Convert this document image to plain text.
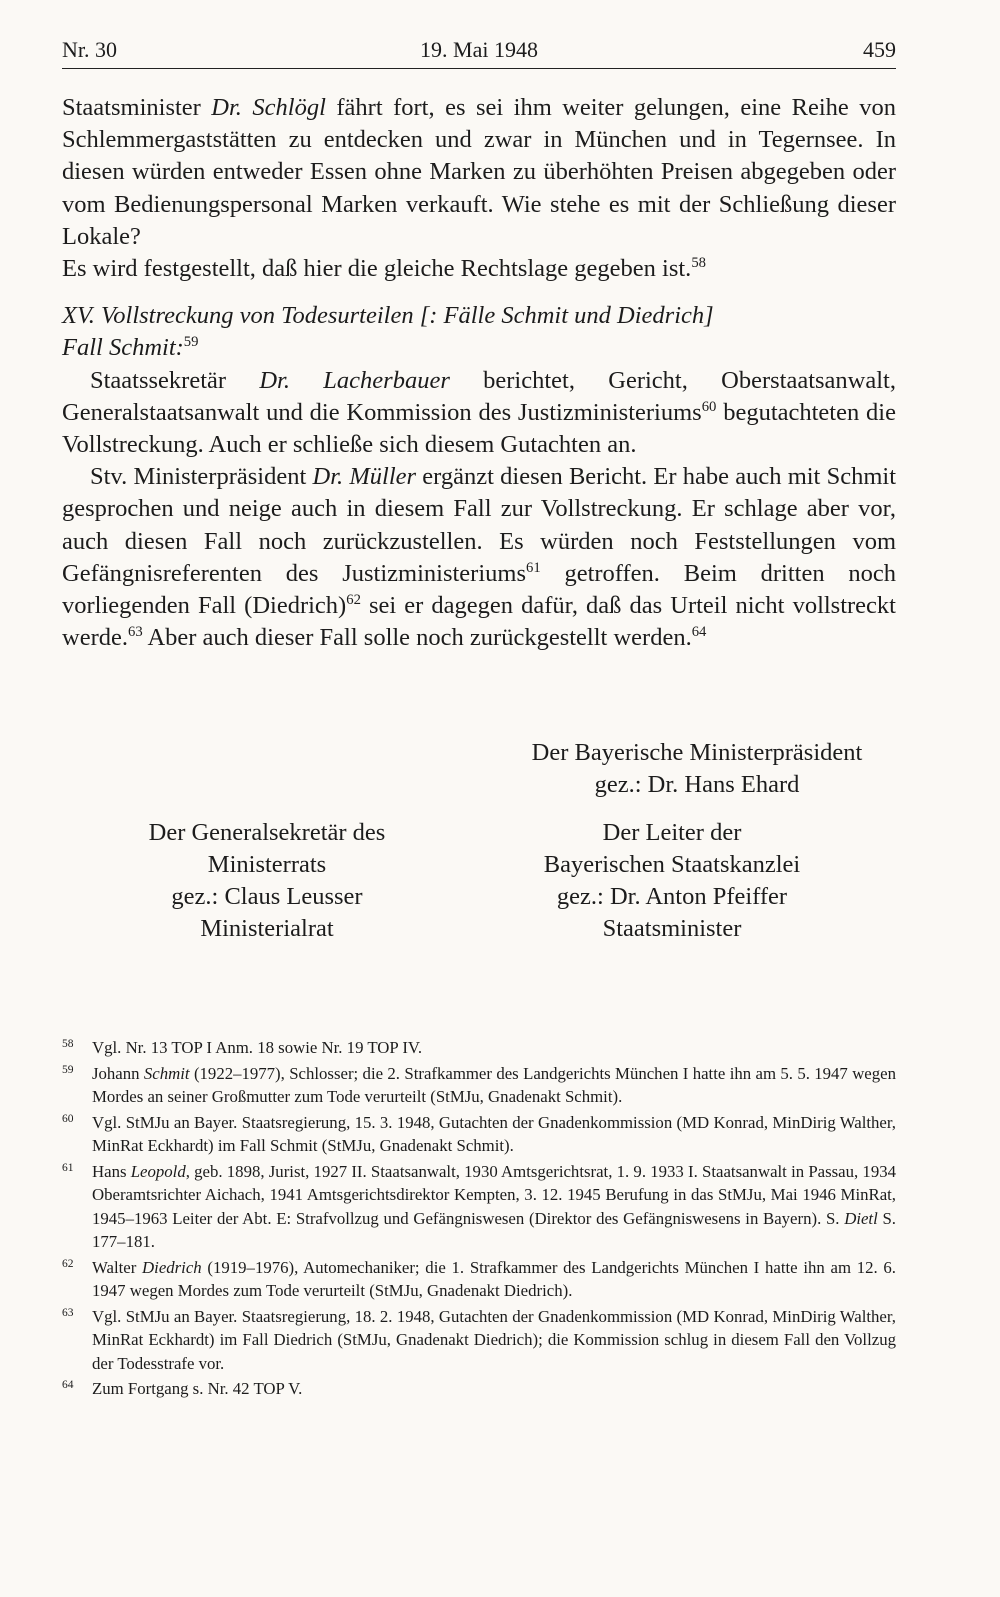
Nr. 30	19. Mai 1948	459

Staatsminister Dr. Schlögl fährt fort, es sei ihm weiter gelungen, eine Reihe von Schlemmergaststätten zu entdecken und zwar in München und in Tegernsee. In diesen würden entweder Essen ohne Marken zu überhöhten Preisen abgegeben oder vom Bedienungspersonal Marken verkauft. Wie stehe es mit der Schließung dieser Lokale?

Es wird festgestellt, daß hier die gleiche Rechtslage gegeben ist.$^{58}$

XV. Vollstreckung von Todesurteilen [: Fälle Schmit und Diedrich]

Fall Schmit:$^{59}$

Staatssekretär Dr. Lacherbauer berichtet, Gericht, Oberstaatsanwalt, Generalstaatsanwalt und die Kommission des Justizministeriums$^{60}$ begutachteten die Vollstreckung. Auch er schließe sich diesem Gutachten an.

Stv. Ministerpräsident Dr. Müller ergänzt diesen Bericht. Er habe auch mit Schmit gesprochen und neige auch in diesem Fall zur Vollstreckung. Er schlage aber vor, auch diesen Fall noch zurückzustellen. Es würden noch Feststellungen vom Gefängnisreferenten des Justizministeriums$^{61}$ getroffen. Beim dritten noch vorliegenden Fall (Diedrich)$^{62}$ sei er dagegen dafür, daß das Urteil nicht vollstreckt werde.$^{63}$ Aber auch dieser Fall solle noch zurückgestellt werden.$^{64}$

Der Bayerische Ministerpräsident
gez.: Dr. Hans Ehard
Der Generalsekretär des
Ministerrats
gez.: Claus Leusser
Ministerialrat
Der Leiter der
Bayerischen Staatskanzlei
gez.: Dr. Anton Pfeiffer
Staatsminister
58 Vgl. Nr. 13 TOP I Anm. 18 sowie Nr. 19 TOP IV.
59 Johann Schmit (1922–1977), Schlosser; die 2. Strafkammer des Landgerichts München I hatte ihn am 5. 5. 1947 wegen Mordes an seiner Großmutter zum Tode verurteilt (StMJu, Gnadenakt Schmit).
60 Vgl. StMJu an Bayer. Staatsregierung, 15. 3. 1948, Gutachten der Gnadenkommission (MD Konrad, MinDirig Walther, MinRat Eckhardt) im Fall Schmit (StMJu, Gnadenakt Schmit).
61 Hans Leopold, geb. 1898, Jurist, 1927 II. Staatsanwalt, 1930 Amtsgerichtsrat, 1. 9. 1933 I. Staatsanwalt in Passau, 1934 Oberamtsrichter Aichach, 1941 Amtsgerichtsdirektor Kempten, 3. 12. 1945 Berufung in das StMJu, Mai 1946 MinRat, 1945–1963 Leiter der Abt. E: Strafvollzug und Gefängniswesen (Direktor des Gefängniswesens in Bayern). S. Dietl S. 177–181.
62 Walter Diedrich (1919–1976), Automechaniker; die 1. Strafkammer des Landgerichts München I hatte ihn am 12. 6. 1947 wegen Mordes zum Tode verurteilt (StMJu, Gnadenakt Diedrich).
63 Vgl. StMJu an Bayer. Staatsregierung, 18. 2. 1948, Gutachten der Gnadenkommission (MD Konrad, MinDirig Walther, MinRat Eckhardt) im Fall Diedrich (StMJu, Gnadenakt Diedrich); die Kommission schlug in diesem Fall den Vollzug der Todesstrafe vor.
64 Zum Fortgang s. Nr. 42 TOP V.
